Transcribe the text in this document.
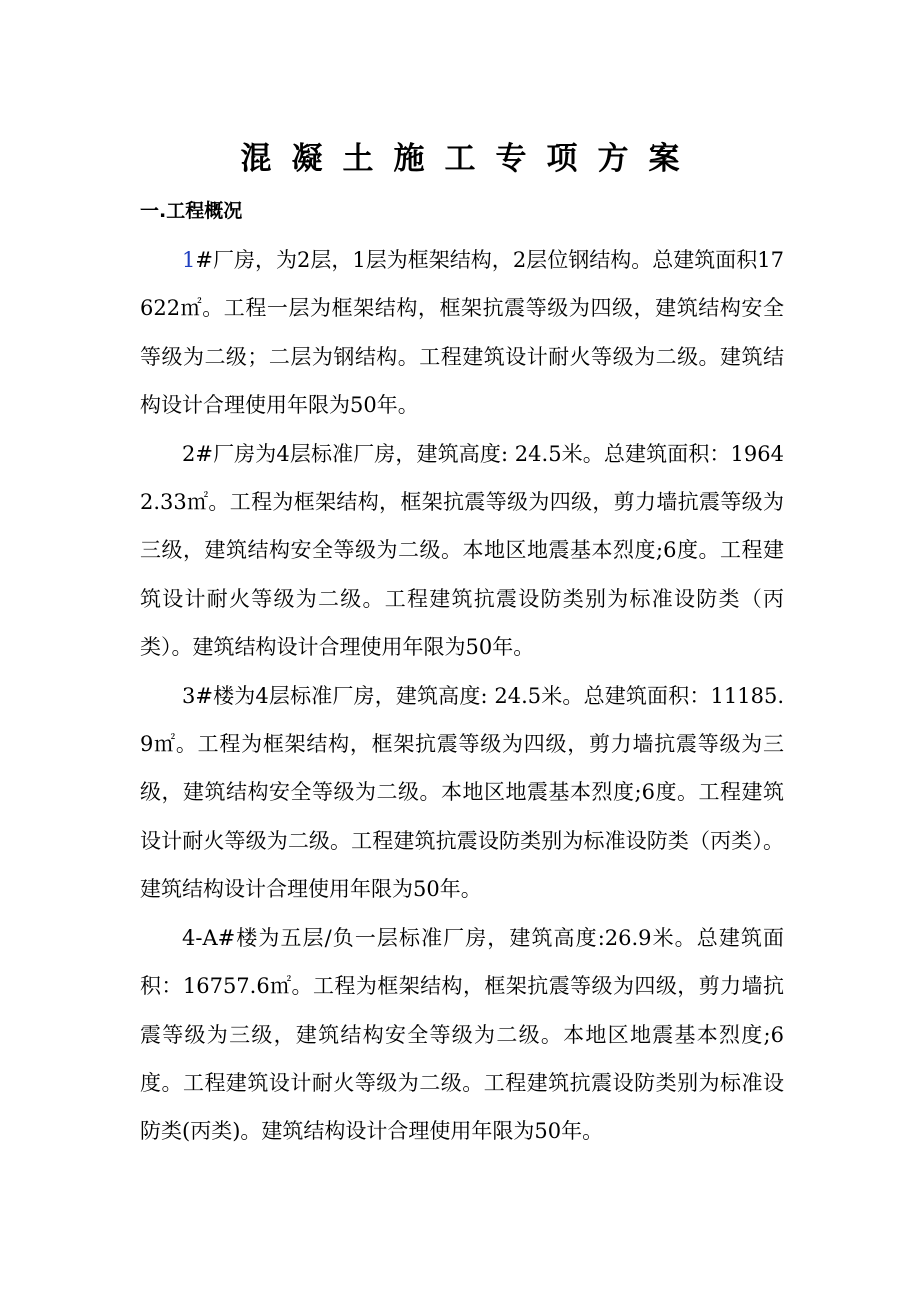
混凝土施工专项方案
一.工程概况

1#厂房，为2层，1层为框架结构，2层位钢结构。总建筑面积17622㎡。工程一层为框架结构，框架抗震等级为四级，建筑结构安全等级为二级；二层为钢结构。工程建筑设计耐火等级为二级。建筑结构设计合理使用年限为50年。

2#厂房为4层标准厂房，建筑高度: 24.5米。总建筑面积：19642.33㎡。工程为框架结构，框架抗震等级为四级，剪力墙抗震等级为三级，建筑结构安全等级为二级。本地区地震基本烈度;6度。工程建筑设计耐火等级为二级。工程建筑抗震设防类别为标准设防类（丙类）。建筑结构设计合理使用年限为50年。

3#楼为4层标准厂房，建筑高度: 24.5米。总建筑面积：11185.9㎡。工程为框架结构，框架抗震等级为四级，剪力墙抗震等级为三级，建筑结构安全等级为二级。本地区地震基本烈度;6度。工程建筑设计耐火等级为二级。工程建筑抗震设防类别为标准设防类（丙类）。建筑结构设计合理使用年限为50年。

4-A#楼为五层/负一层标准厂房，建筑高度:26.9米。总建筑面积：16757.6㎡。工程为框架结构，框架抗震等级为四级，剪力墙抗震等级为三级，建筑结构安全等级为二级。本地区地震基本烈度;6度。工程建筑设计耐火等级为二级。工程建筑抗震设防类别为标准设防类(丙类)。建筑结构设计合理使用年限为50年。
